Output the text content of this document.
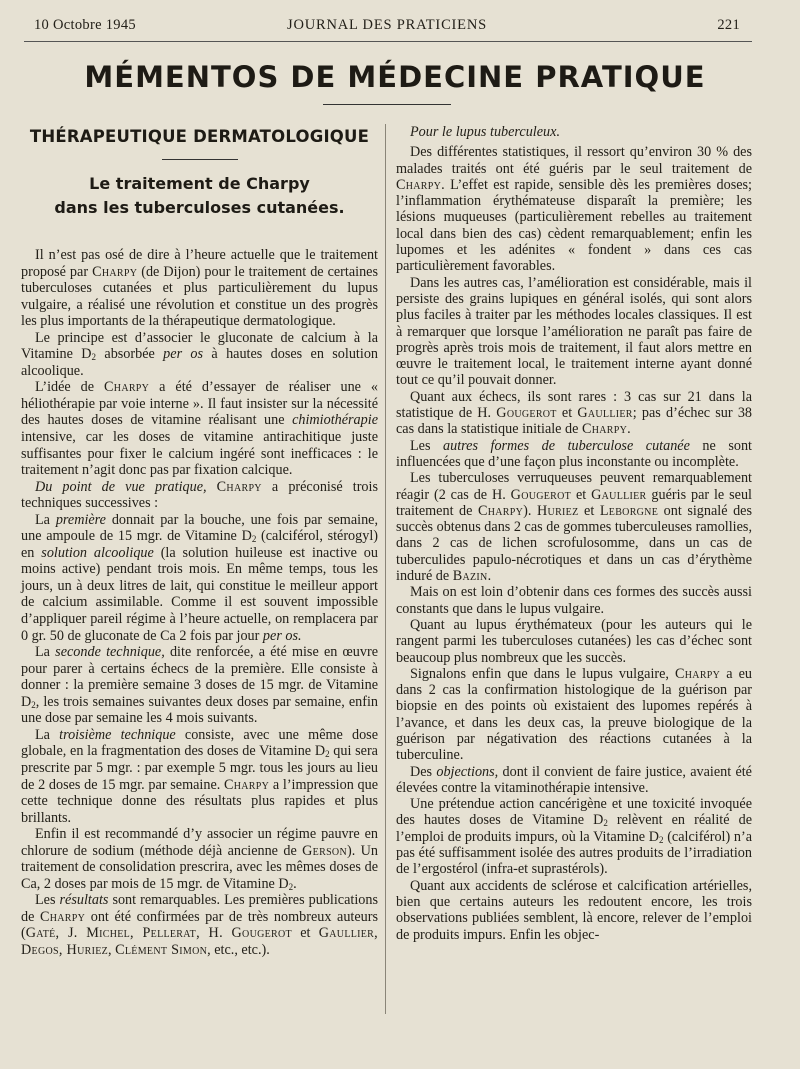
10 Octobre 1945	JOURNAL DES PRATICIENS	221
MÉMENTOS DE MÉDECINE PRATIQUE
THÉRAPEUTIQUE DERMATOLOGIQUE
Le traitement de Charpy
dans les tuberculoses cutanées.

Il n’est pas osé de dire à l’heure actuelle que le traitement proposé par Charpy (de Dijon) pour le traitement de certaines tuberculoses cutanées et plus particulièrement du lupus vulgaire, a réalisé une révolution et constitue un des progrès les plus importants de la thérapeutique dermatologique.

Le principe est d’associer le gluconate de calcium à la Vitamine $D_2$ absorbée per os à hautes doses en solution alcoolique.

L’idée de Charpy a été d’essayer de réaliser une « héliothérapie par voie interne ». Il faut insister sur la nécessité des hautes doses de vitamine réalisant une chimiothérapie intensive, car les doses de vitamine antirachitique juste suffisantes pour fixer le calcium ingéré sont inefficaces : le traitement n’agit donc pas par fixation calcique.

Du point de vue pratique, Charpy a préconisé trois techniques successives :

La première donnait par la bouche, une fois par semaine, une ampoule de 15 mgr. de Vitamine $D_2$ (calciférol, stérogyl) en solution alcoolique (la solution huileuse est inactive ou moins active) pendant trois mois. En même temps, tous les jours, un à deux litres de lait, qui constitue le meilleur apport de calcium assimilable. Comme il est souvent impossible d’appliquer pareil régime à l’heure actuelle, on remplacera par 0 gr. 50 de gluconate de Ca 2 fois par jour per os.

La seconde technique, dite renforcée, a été mise en œuvre pour parer à certains échecs de la première. Elle consiste à donner : la première semaine 3 doses de 15 mgr. de Vitamine $D_2$, les trois semaines suivantes deux doses par semaine, enfin une dose par semaine les 4 mois suivants.

La troisième technique consiste, avec une même dose globale, en la fragmentation des doses de Vitamine $D_2$ qui sera prescrite par 5 mgr. : par exemple 5 mgr. tous les jours au lieu de 2 doses de 15 mgr. par semaine. Charpy a l’impression que cette technique donne des résultats plus rapides et plus brillants.

Enfin il est recommandé d’y associer un régime pauvre en chlorure de sodium (méthode déjà ancienne de Gerson). Un traitement de consolidation prescrira, avec les mêmes doses de Ca, 2 doses par mois de 15 mgr. de Vitamine $D_2$.

Les résultats sont remarquables. Les premières publications de Charpy ont été confirmées par de très nombreux auteurs (Gaté, J. Michel, Pellerat, H. Gougerot et Gaullier, Degos, Huriez, Clément Simon, etc., etc.).

Pour le lupus tuberculeux.

Des différentes statistiques, il ressort qu’environ 30 % des malades traités ont été guéris par le seul traitement de Charpy. L’effet est rapide, sensible dès les premières doses; l’inflammation érythémateuse disparaît la première; les lésions muqueuses (particulièrement rebelles au traitement local dans bien des cas) cèdent remarquablement; enfin les lupomes et les adénites « fondent » dans ces cas particulièrement favorables.

Dans les autres cas, l’amélioration est considérable, mais il persiste des grains lupiques en général isolés, qui sont alors plus faciles à traiter par les méthodes locales classiques. Il est à remarquer que lorsque l’amélioration ne paraît pas faire de progrès après trois mois de traitement, il faut alors mettre en œuvre le traitement local, le traitement interne ayant donné tout ce qu’il pouvait donner.

Quant aux échecs, ils sont rares : 3 cas sur 21 dans la statistique de H. Gougerot et Gaullier; pas d’échec sur 38 cas dans la statistique initiale de Charpy.

Les autres formes de tuberculose cutanée ne sont influencées que d’une façon plus inconstante ou incomplète.

Les tuberculoses verruqueuses peuvent remarquablement réagir (2 cas de H. Gougerot et Gaullier guéris par le seul traitement de Charpy). Huriez et Leborgne ont signalé des succès obtenus dans 2 cas de gommes tuberculeuses ramollies, dans 2 cas de lichen scrofulosomme, dans un cas de tuberculides papulo-nécrotiques et dans un cas d’érythème induré de Bazin.

Mais on est loin d’obtenir dans ces formes des succès aussi constants que dans le lupus vulgaire.

Quant au lupus érythémateux (pour les auteurs qui le rangent parmi les tuberculoses cutanées) les cas d’échec sont beaucoup plus nombreux que les succès.

Signalons enfin que dans le lupus vulgaire, Charpy a eu dans 2 cas la confirmation histologique de la guérison par biopsie en des points où existaient des lupomes repérés à l’avance, et dans les deux cas, la preuve biologique de la guérison par négativation des réactions cutanées à la tuberculine.

Des objections, dont il convient de faire justice, avaient été élevées contre la vitaminothérapie intensive.

Une prétendue action cancérigène et une toxicité invoquée des hautes doses de Vitamine $D_2$ relèvent en réalité de l’emploi de produits impurs, où la Vitamine $D_2$ (calciférol) n’a pas été suffisamment isolée des autres produits de l’irradiation de l’ergostérol (infra-et suprastérols).

Quant aux accidents de sclérose et calcification artérielles, bien que certains auteurs les redoutent encore, les trois observations publiées semblent, là encore, relever de l’emploi de produits impurs. Enfin les objec-
